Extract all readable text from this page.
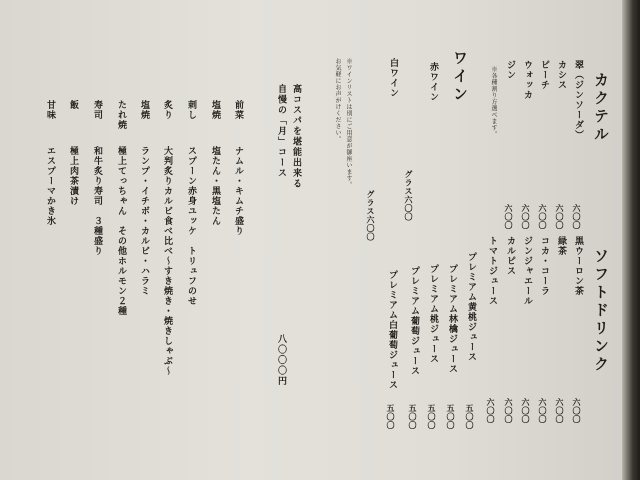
カクテル
翠（ジンソーダ）
六〇〇
カシス
六〇〇
ピーチ
六〇〇
ウォッカ
六〇〇
ジン
六〇〇
※各種割り方選べます。
ソフトドリンク
黒ウーロン茶
六〇〇
緑茶
六〇〇
コカ・コーラ
六〇〇
ジンジャエール
六〇〇
カルピス
六〇〇
トマトジュース
六〇〇
プレミアム黄桃ジュース
五〇〇
プレミアム林檎ジュース
五〇〇
プレミアム桃ジュース
五〇〇
プレミアム葡萄ジュース
五〇〇
プレミアム白葡萄ジュース
五〇〇
ワイン
赤ワイン
グラス六〇〇
白ワイン
グラス六〇〇
※ワインリストは別にご用意が御座います。
お気軽にお声がけください。
高コスパを堪能出来る
自慢の「月」コース
八〇〇〇円
前菜
ナムル・キムチ盛り
塩焼
塩たん・黒塩たん
刺し
スプーン赤身ユッケ　トリュフのせ
炙り
大判炙りカルビ食べ比べ〜すき焼き・焼きしゃぶ〜
塩焼
ランプ・イチボ・カルビ・ハラミ
たれ焼
極上てっちゃん　その他ホルモン２種
寿司
和牛炙り寿司　３種盛り
飯
極上肉茶漬け
甘味
エスプーマかき氷
